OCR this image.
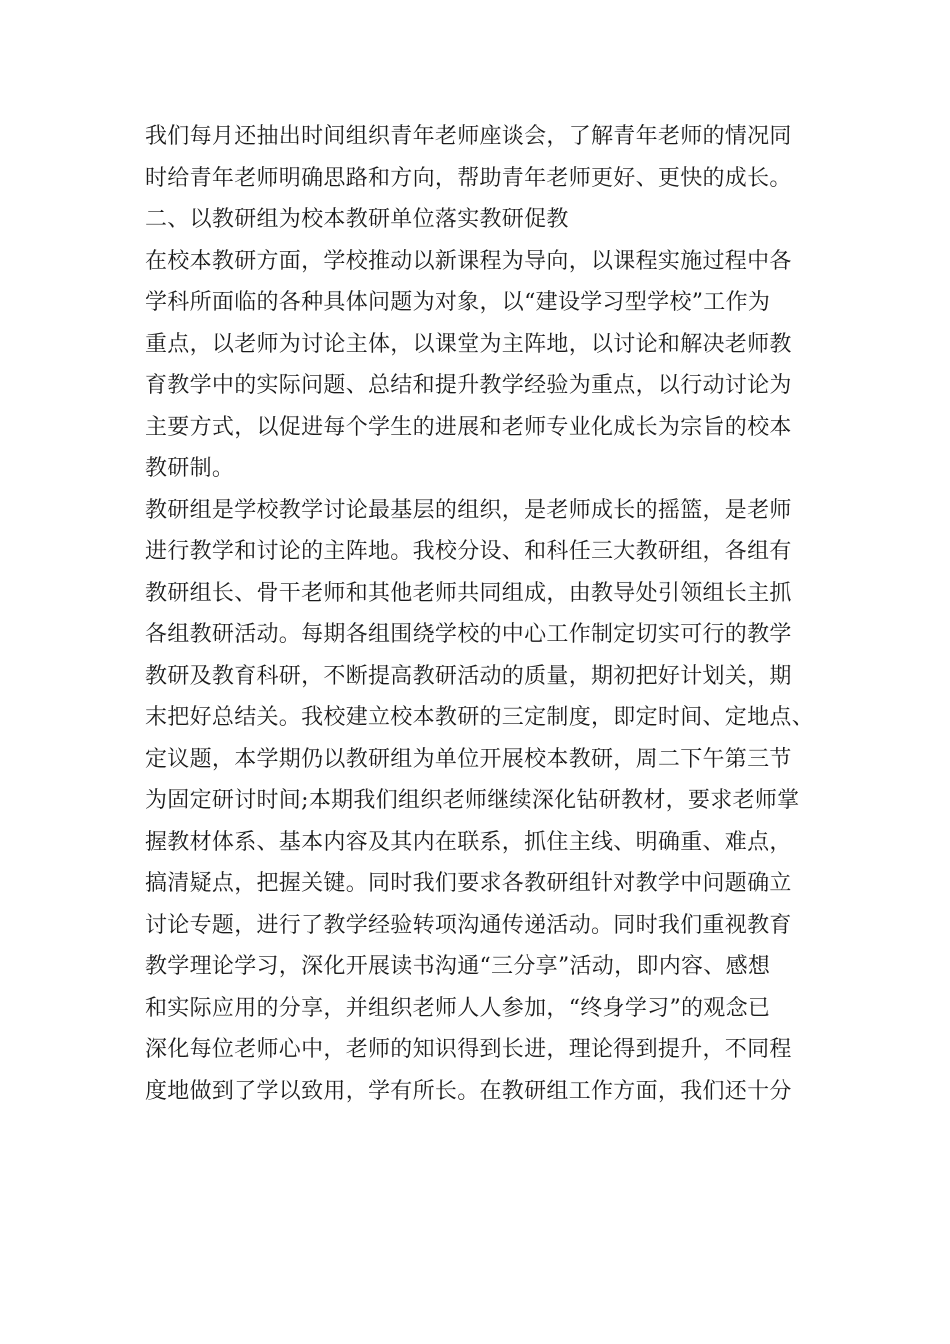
我们每月还抽出时间组织青年老师座谈会，了解青年老师的情况同
时给青年老师明确思路和方向，帮助青年老师更好、更快的成长。
二、以教研组为校本教研单位落实教研促教
在校本教研方面，学校推动以新课程为导向，以课程实施过程中各
学科所面临的各种具体问题为对象，以“建设学习型学校”工作为
重点，以老师为讨论主体，以课堂为主阵地，以讨论和解决老师教
育教学中的实际问题、总结和提升教学经验为重点，以行动讨论为
主要方式，以促进每个学生的进展和老师专业化成长为宗旨的校本
教研制。
教研组是学校教学讨论最基层的组织，是老师成长的摇篮，是老师
进行教学和讨论的主阵地。我校分设、和科任三大教研组，各组有
教研组长、骨干老师和其他老师共同组成，由教导处引领组长主抓
各组教研活动。每期各组围绕学校的中心工作制定切实可行的教学
教研及教育科研，不断提高教研活动的质量，期初把好计划关，期
末把好总结关。我校建立校本教研的三定制度，即定时间、定地点、
定议题，本学期仍以教研组为单位开展校本教研，周二下午第三节
为固定研讨时间;本期我们组织老师继续深化钻研教材，要求老师掌
握教材体系、基本内容及其内在联系，抓住主线、明确重、难点，
搞清疑点，把握关键。同时我们要求各教研组针对教学中问题确立
讨论专题，进行了教学经验转项沟通传递活动。同时我们重视教育
教学理论学习，深化开展读书沟通“三分享”活动，即内容、感想
和实际应用的分享，并组织老师人人参加，“终身学习”的观念已
深化每位老师心中，老师的知识得到长进，理论得到提升，不同程
度地做到了学以致用，学有所长。在教研组工作方面，我们还十分
